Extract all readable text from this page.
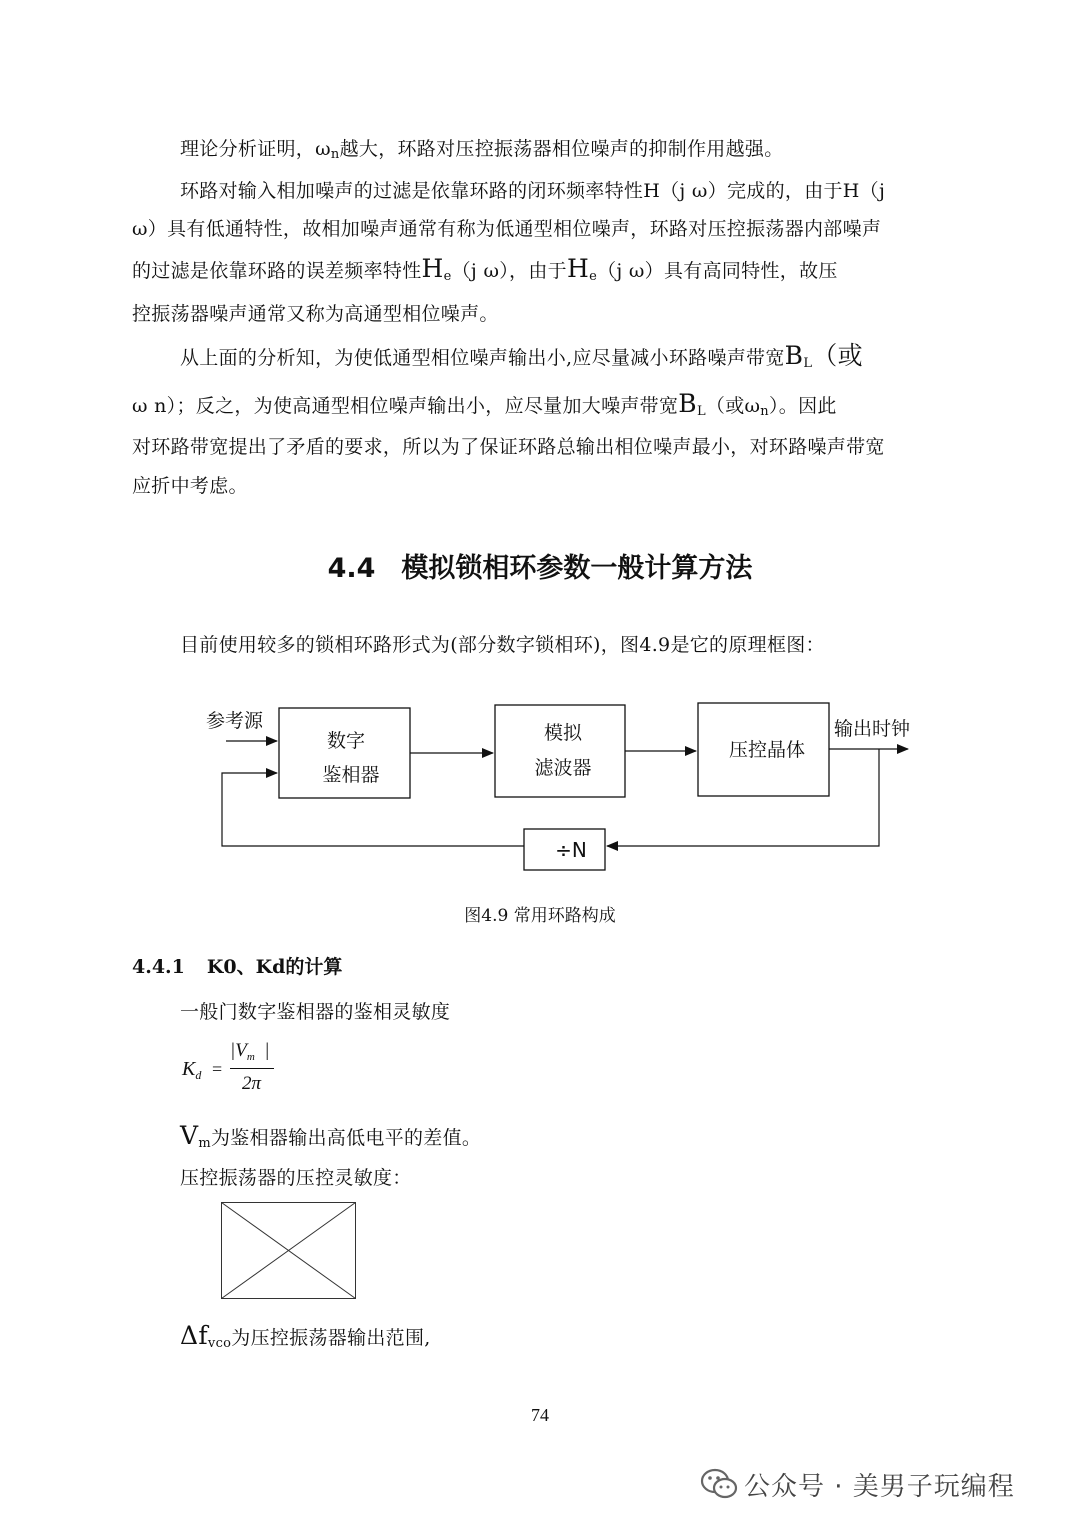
理论分析证明，$\omega_n$越大，环路对压控振荡器相位噪声的抑制作用越强。
环路对输入相加噪声的过滤是依靠环路的闭环频率特性H（j ω）完成的，由于H（j
ω）具有低通特性，故相加噪声通常有称为低通型相位噪声，环路对压控振荡器内部噪声
的过滤是依靠环路的误差频率特性$H_e(j$ ω），由于$H_e(j$ ω）具有高同特性，故压
控振荡器噪声通常又称为高通型相位噪声。
从上面的分析知，为使低通型相位噪声输出小,应尽量减小环路噪声带宽$B_L$（或
ω n）；反之，为使高通型相位噪声输出小，应尽量加大噪声带宽$B_L$（或$\omega_n$）。因此
对环路带宽提出了矛盾的要求，所以为了保证环路总输出相位噪声最小，对环路噪声带宽
应折中考虑。
4.4 模拟锁相环参数一般计算方法
目前使用较多的锁相环路形式为(部分数字锁相环)，图4.9是它的原理框图：
参考源
数字
鉴相器
模拟
滤波器
压控晶体
输出时钟
÷N
图4.9 常用环路构成
4.4.1 K0、Kd的计算
一般门数字鉴相器的鉴相灵敏度
$K_d$ =
$|V_m$  |
2π
$V_m$为鉴相器输出高低电平的差值。
压控振荡器的压控灵敏度：
$\Delta f_{vco}$为压控振荡器输出范围,
74
公众号 · 美男子玩编程
